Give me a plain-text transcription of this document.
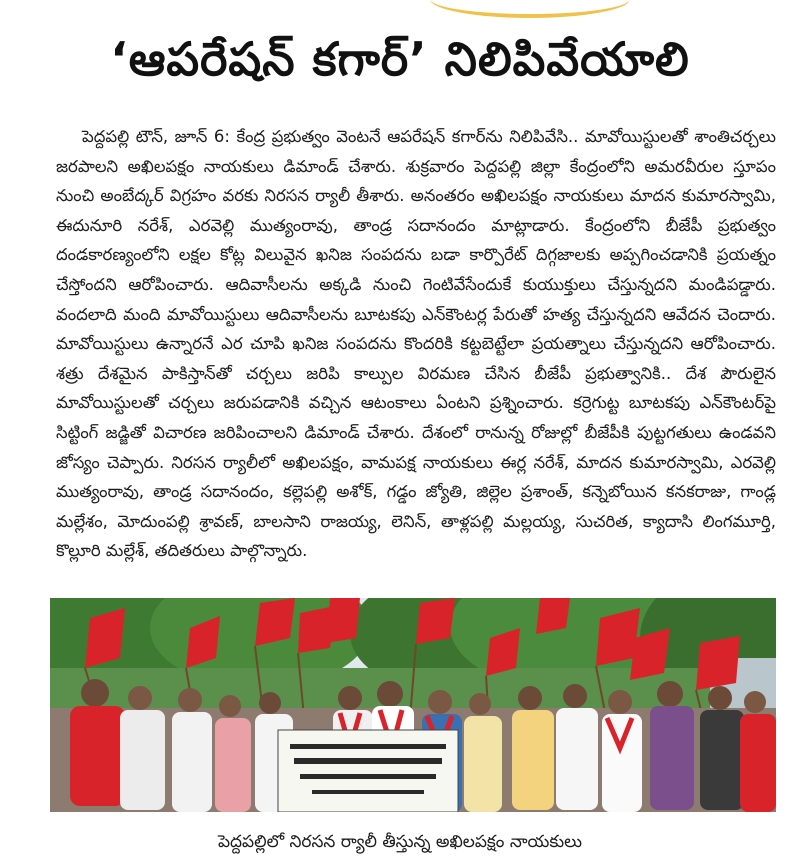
‘ఆపరేషన్ కగార్’ నిలిపివేయాలి
పెద్దపల్లి టౌన్, జూన్ 6: కేంద్ర ప్రభుత్వం వెంటనే ఆపరేషన్ కగార్‌ను నిలిపివేసి.. మావోయిస్టులతో శాంతిచర్చలు జరపాలని అఖిలపక్షం నాయకులు డిమాండ్ చేశారు. శుక్రవారం పెద్దపల్లి జిల్లా కేంద్రంలోని అమరవీరుల స్తూపం నుంచి అంబేద్కర్ విగ్రహం వరకు నిరసన ర్యాలీ తీశారు. అనంతరం అఖిలపక్షం నాయకులు మాదన కుమారస్వామి, ఈదునూరి నరేశ్, ఎరవెల్లి ముత్యంరావు, తాండ్ర సదానందం మాట్లాడారు. కేంద్రంలోని బీజేపీ ప్రభుత్వం దండకారణ్యంలోని లక్షల కోట్ల విలువైన ఖనిజ సంపదను బడా కార్పొరేట్ దిగ్గజాలకు అప్పగించడానికి ప్రయత్నం చేస్తోందని ఆరోపించారు. ఆదివాసీలను అక్కడి నుంచి గెంటివేసేందుకే కుయుక్తులు చేస్తున్నదని మండిపడ్డారు. వందలాది మంది మావోయిస్టులు ఆదివాసీలను బూటకపు ఎన్‌కౌంటర్ల పేరుతో హత్య చేస్తున్నదని ఆవేదన చెందారు. మావోయిస్టులు ఉన్నారనే ఎర చూపి ఖనిజ సంపదను కొందరికి కట్టబెట్టేలా ప్రయత్నాలు చేస్తున్నదని ఆరోపించారు. శత్రు దేశమైన పాకిస్తాన్‌తో చర్చలు జరిపి కాల్పుల విరమణ చేసిన బీజేపీ ప్రభుత్వానికి.. దేశ పౌరులైన మావోయిస్టులతో చర్చలు జరుపడానికి వచ్చిన ఆటంకాలు ఏంటని ప్రశ్నించారు. కర్రెగుట్ట బూటకపు ఎన్‌కౌంటర్‌పై సిట్టింగ్ జడ్జితో విచారణ జరిపించాలని డిమాండ్ చేశారు. దేశంలో రానున్న రోజుల్లో బీజేపీకి పుట్టగతులు ఉండవని జోస్యం చెప్పారు. నిరసన ర్యాలీలో అఖిలపక్షం, వామపక్ష నాయకులు ఈర్ల నరేశ్, మాదన కుమారస్వామి, ఎరవెల్లి ముత్యంరావు, తాండ్ర సదానందం, కల్లెపల్లి అశోక్, గడ్డం జ్యోతి, జిల్లెల ప్రశాంత్, కన్నెబోయిన కనకరాజు, గాండ్ల మల్లేశం, మోదుంపల్లి శ్రావణ్, బాలసాని రాజయ్య, లెనిన్, తాళ్లపల్లి మల్లయ్య, సుచరిత, క్యాదాసి లింగమూర్తి, కొల్లూరి మల్లేశ్, తదితరులు పాల్గొన్నారు.
పెద్దపల్లిలో నిరసన ర్యాలీ తీస్తున్న అఖిలపక్షం నాయకులు
